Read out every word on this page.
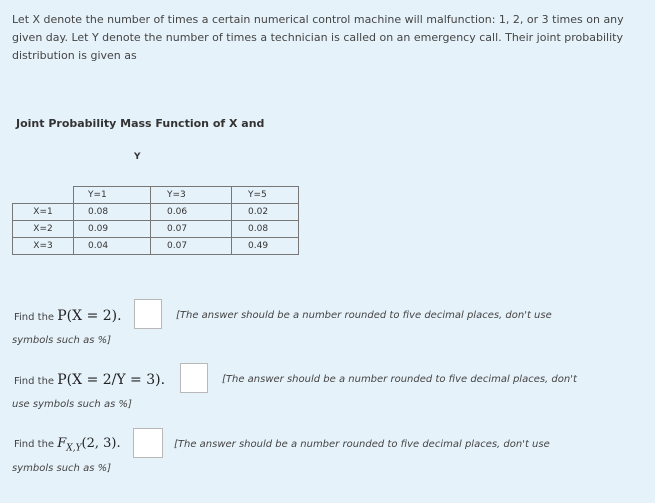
Let X denote the number of times a certain numerical control machine will malfunction: 1, 2, or 3 times on any given day. Let Y denote the number of times a technician is called on an emergency call. Their joint probability distribution is given as
Joint Probability Mass Function of X and
Y
	Y=1	Y=3	Y=5
X=1	0.08	0.06	0.02
X=2	0.09	0.07	0.08
X=3	0.04	0.07	0.49
Find the P(X = 2).	[The answer should be a number rounded to five decimal places, don't use
symbols such as %]
Find the P(X = 2/Y = 3).	[The answer should be a number rounded to five decimal places, don't
use symbols such as %]
Find the $F_{X,Y}(2$, 3).	[The answer should be a number rounded to five decimal places, don't use
symbols such as %]
